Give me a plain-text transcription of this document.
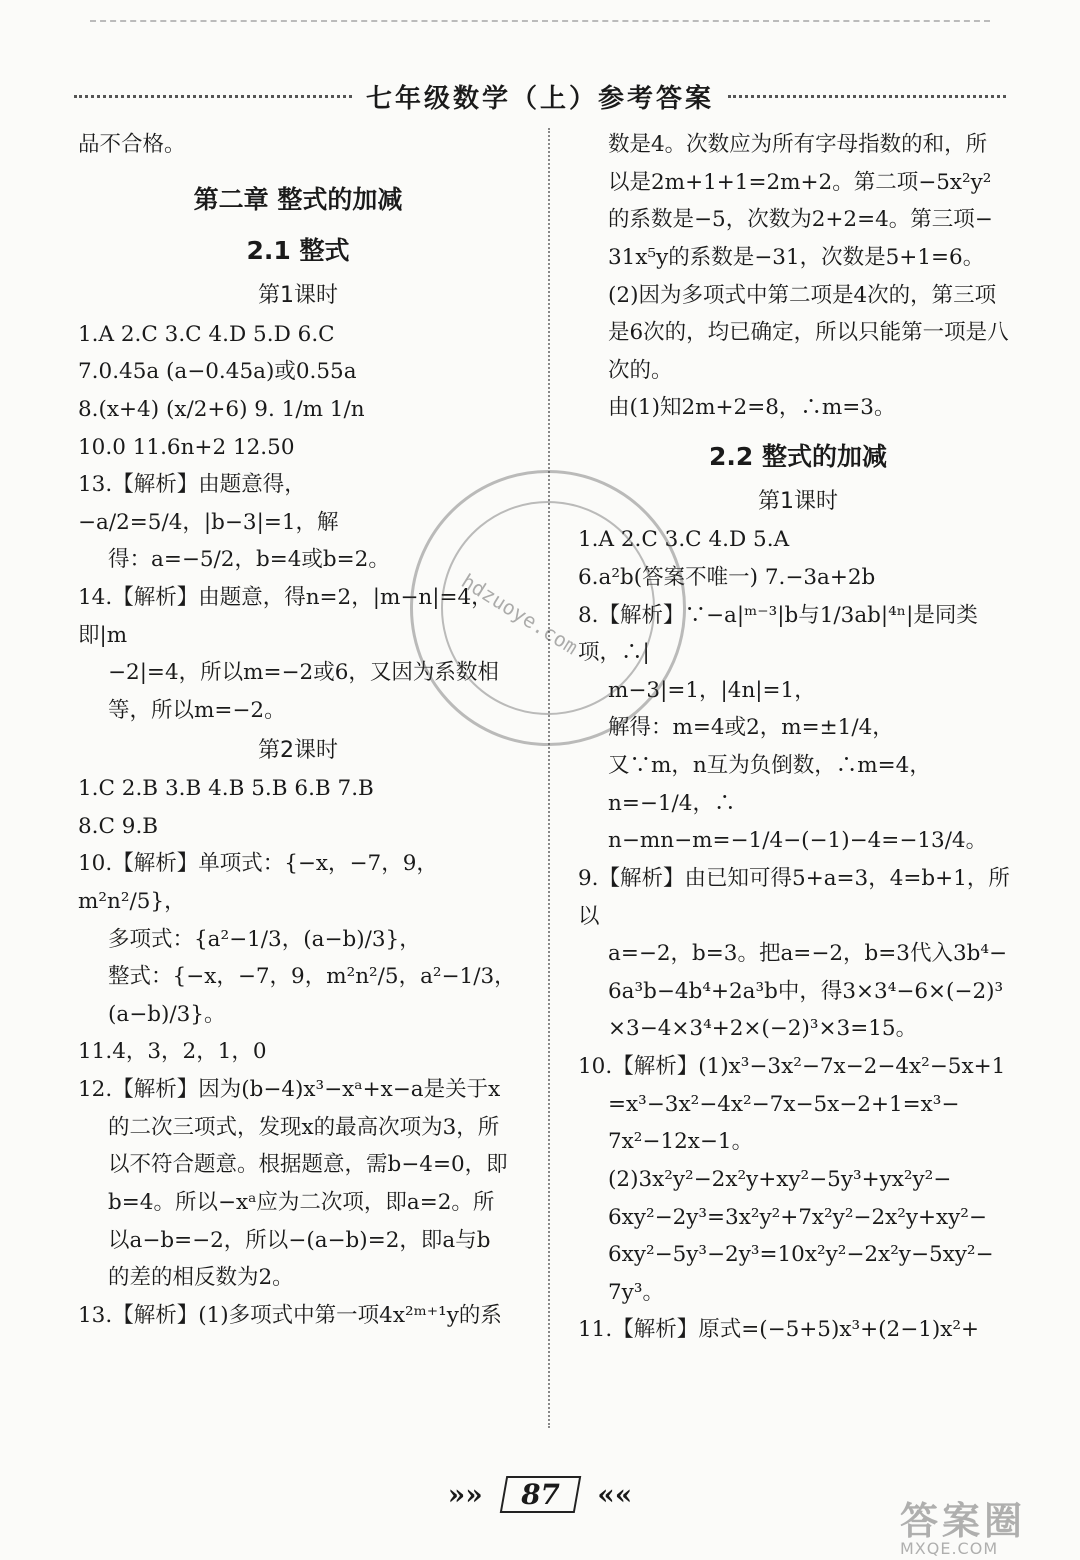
七年级数学（上）参考答案
品不合格。
第二章 整式的加减
2.1 整式
第1课时
1.A 2.C 3.C 4.D 5.D 6.C
7.0.45a (a−0.45a)或0.55a
8.(x+4) (x/2+6) 9. 1/m 1/n
10.0 11.6n+2 12.50
13.【解析】由题意得，−a/2=5/4，|b−3|=1，解
得：a=−5/2，b=4或b=2。
14.【解析】由题意，得n=2，|m−n|=4，即|m
−2|=4，所以m=−2或6，又因为系数相
等，所以m=−2。
第2课时
1.C 2.B 3.B 4.B 5.B 6.B 7.B
8.C 9.B
10.【解析】单项式：{−x，−7，9，m²n²/5}，
多项式：{a²−1/3，(a−b)/3}，
整式：{−x，−7，9，m²n²/5，a²−1/3，(a−b)/3}。
11.4，3，2，1，0
12.【解析】因为(b−4)x³−xᵃ+x−a是关于x
的二次三项式，发现x的最高次项为3，所
以不符合题意。根据题意，需b−4=0，即
b=4。所以−xᵃ应为二次项，即a=2。所
以a−b=−2，所以−(a−b)=2，即a与b
的差的相反数为2。
13.【解析】(1)多项式中第一项4x²ᵐ⁺¹y的系
数是4。次数应为所有字母指数的和，所
以是2m+1+1=2m+2。第二项−5x²y²
的系数是−5，次数为2+2=4。第三项−
31x⁵y的系数是−31，次数是5+1=6。
(2)因为多项式中第二项是4次的，第三项
是6次的，均已确定，所以只能第一项是八
次的。
由(1)知2m+2=8，∴m=3。
2.2 整式的加减
第1课时
1.A 2.C 3.C 4.D 5.A
6.a²b(答案不唯一) 7.−3a+2b
8.【解析】∵−a|ᵐ⁻³|b与1/3ab|⁴ⁿ|是同类项，∴|
m−3|=1，|4n|=1，
解得：m=4或2，m=±1/4，
又∵m，n互为负倒数，∴m=4，n=−1/4，∴
n−mn−m=−1/4−(−1)−4=−13/4。
9.【解析】由已知可得5+a=3，4=b+1，所以
a=−2，b=3。把a=−2，b=3代入3b⁴−
6a³b−4b⁴+2a³b中，得3×3⁴−6×(−2)³
×3−4×3⁴+2×(−2)³×3=15。
10.【解析】(1)x³−3x²−7x−2−4x²−5x+1
=x³−3x²−4x²−7x−5x−2+1=x³−
7x²−12x−1。
(2)3x²y²−2x²y+xy²−5y³+yx²y²−
6xy²−2y³=3x²y²+7x²y²−2x²y+xy²−
6xy²−5y³−2y³=10x²y²−2x²y−5xy²−
7y³。
11.【解析】原式=(−5+5)x³+(2−1)x²+
hdzuoye.com
»» 87 ««
答案圈
MXQE.COM
